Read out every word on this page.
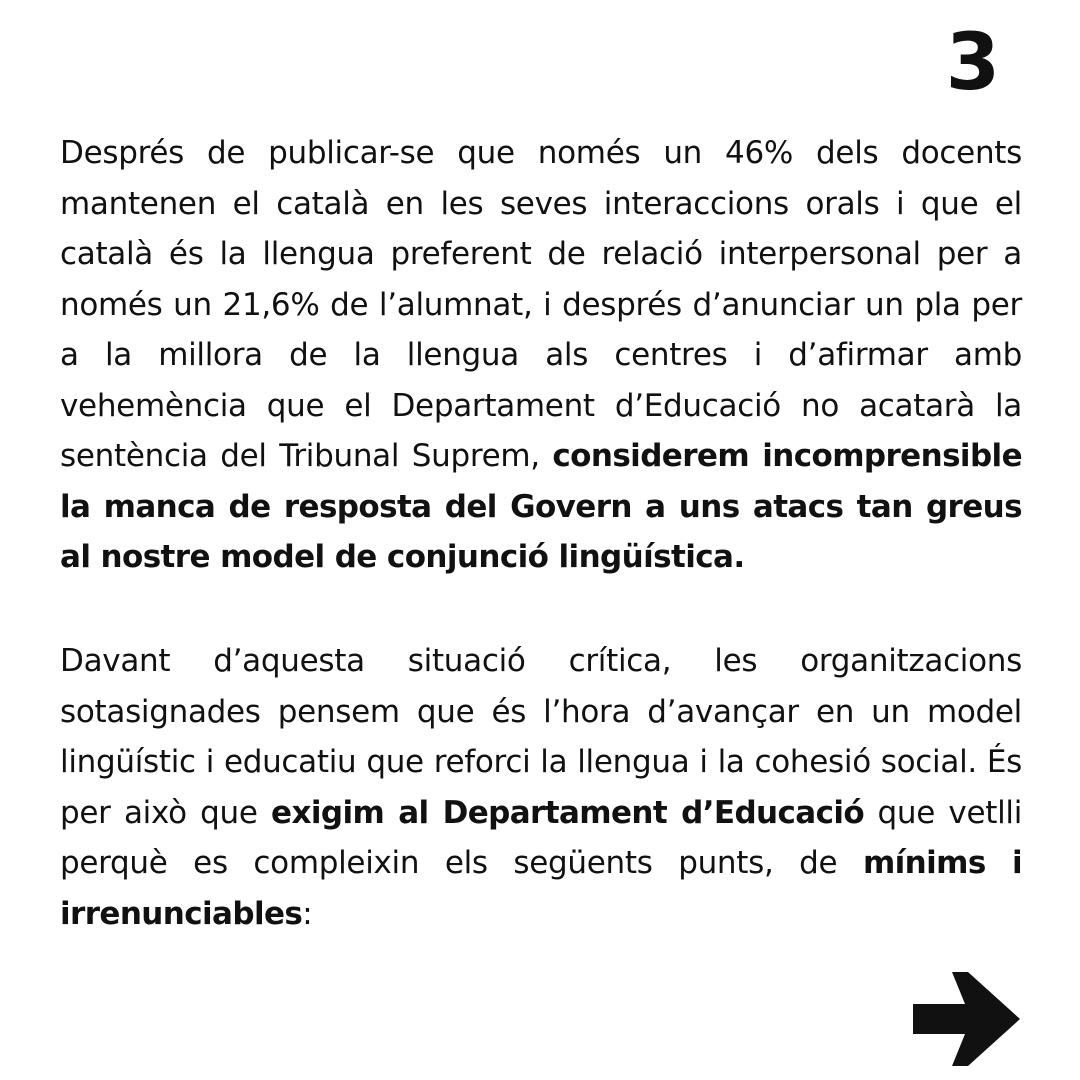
3

Després de publicar-se que només un 46% dels docents mantenen el català en les seves interaccions orals i que el català és la llengua preferent de relació interpersonal per a només un 21,6% de l’alumnat, i després d’anunciar un pla per a la millora de la llengua als centres i d’afirmar amb vehemència que el Departament d’Educació no acatarà la sentència del Tribunal Suprem, considerem incomprensible la manca de resposta del Govern a uns atacs tan greus al nostre model de conjunció lingüística.

Davant d’aquesta situació crítica, les organitzacions sotasignades pensem que és l’hora d’avançar en un model lingüístic i educatiu que reforci la llengua i la cohesió social. És per això que exigim al Departament d’Educació que vetlli perquè es compleixin els següents punts, de mínims i irrenunciables:
